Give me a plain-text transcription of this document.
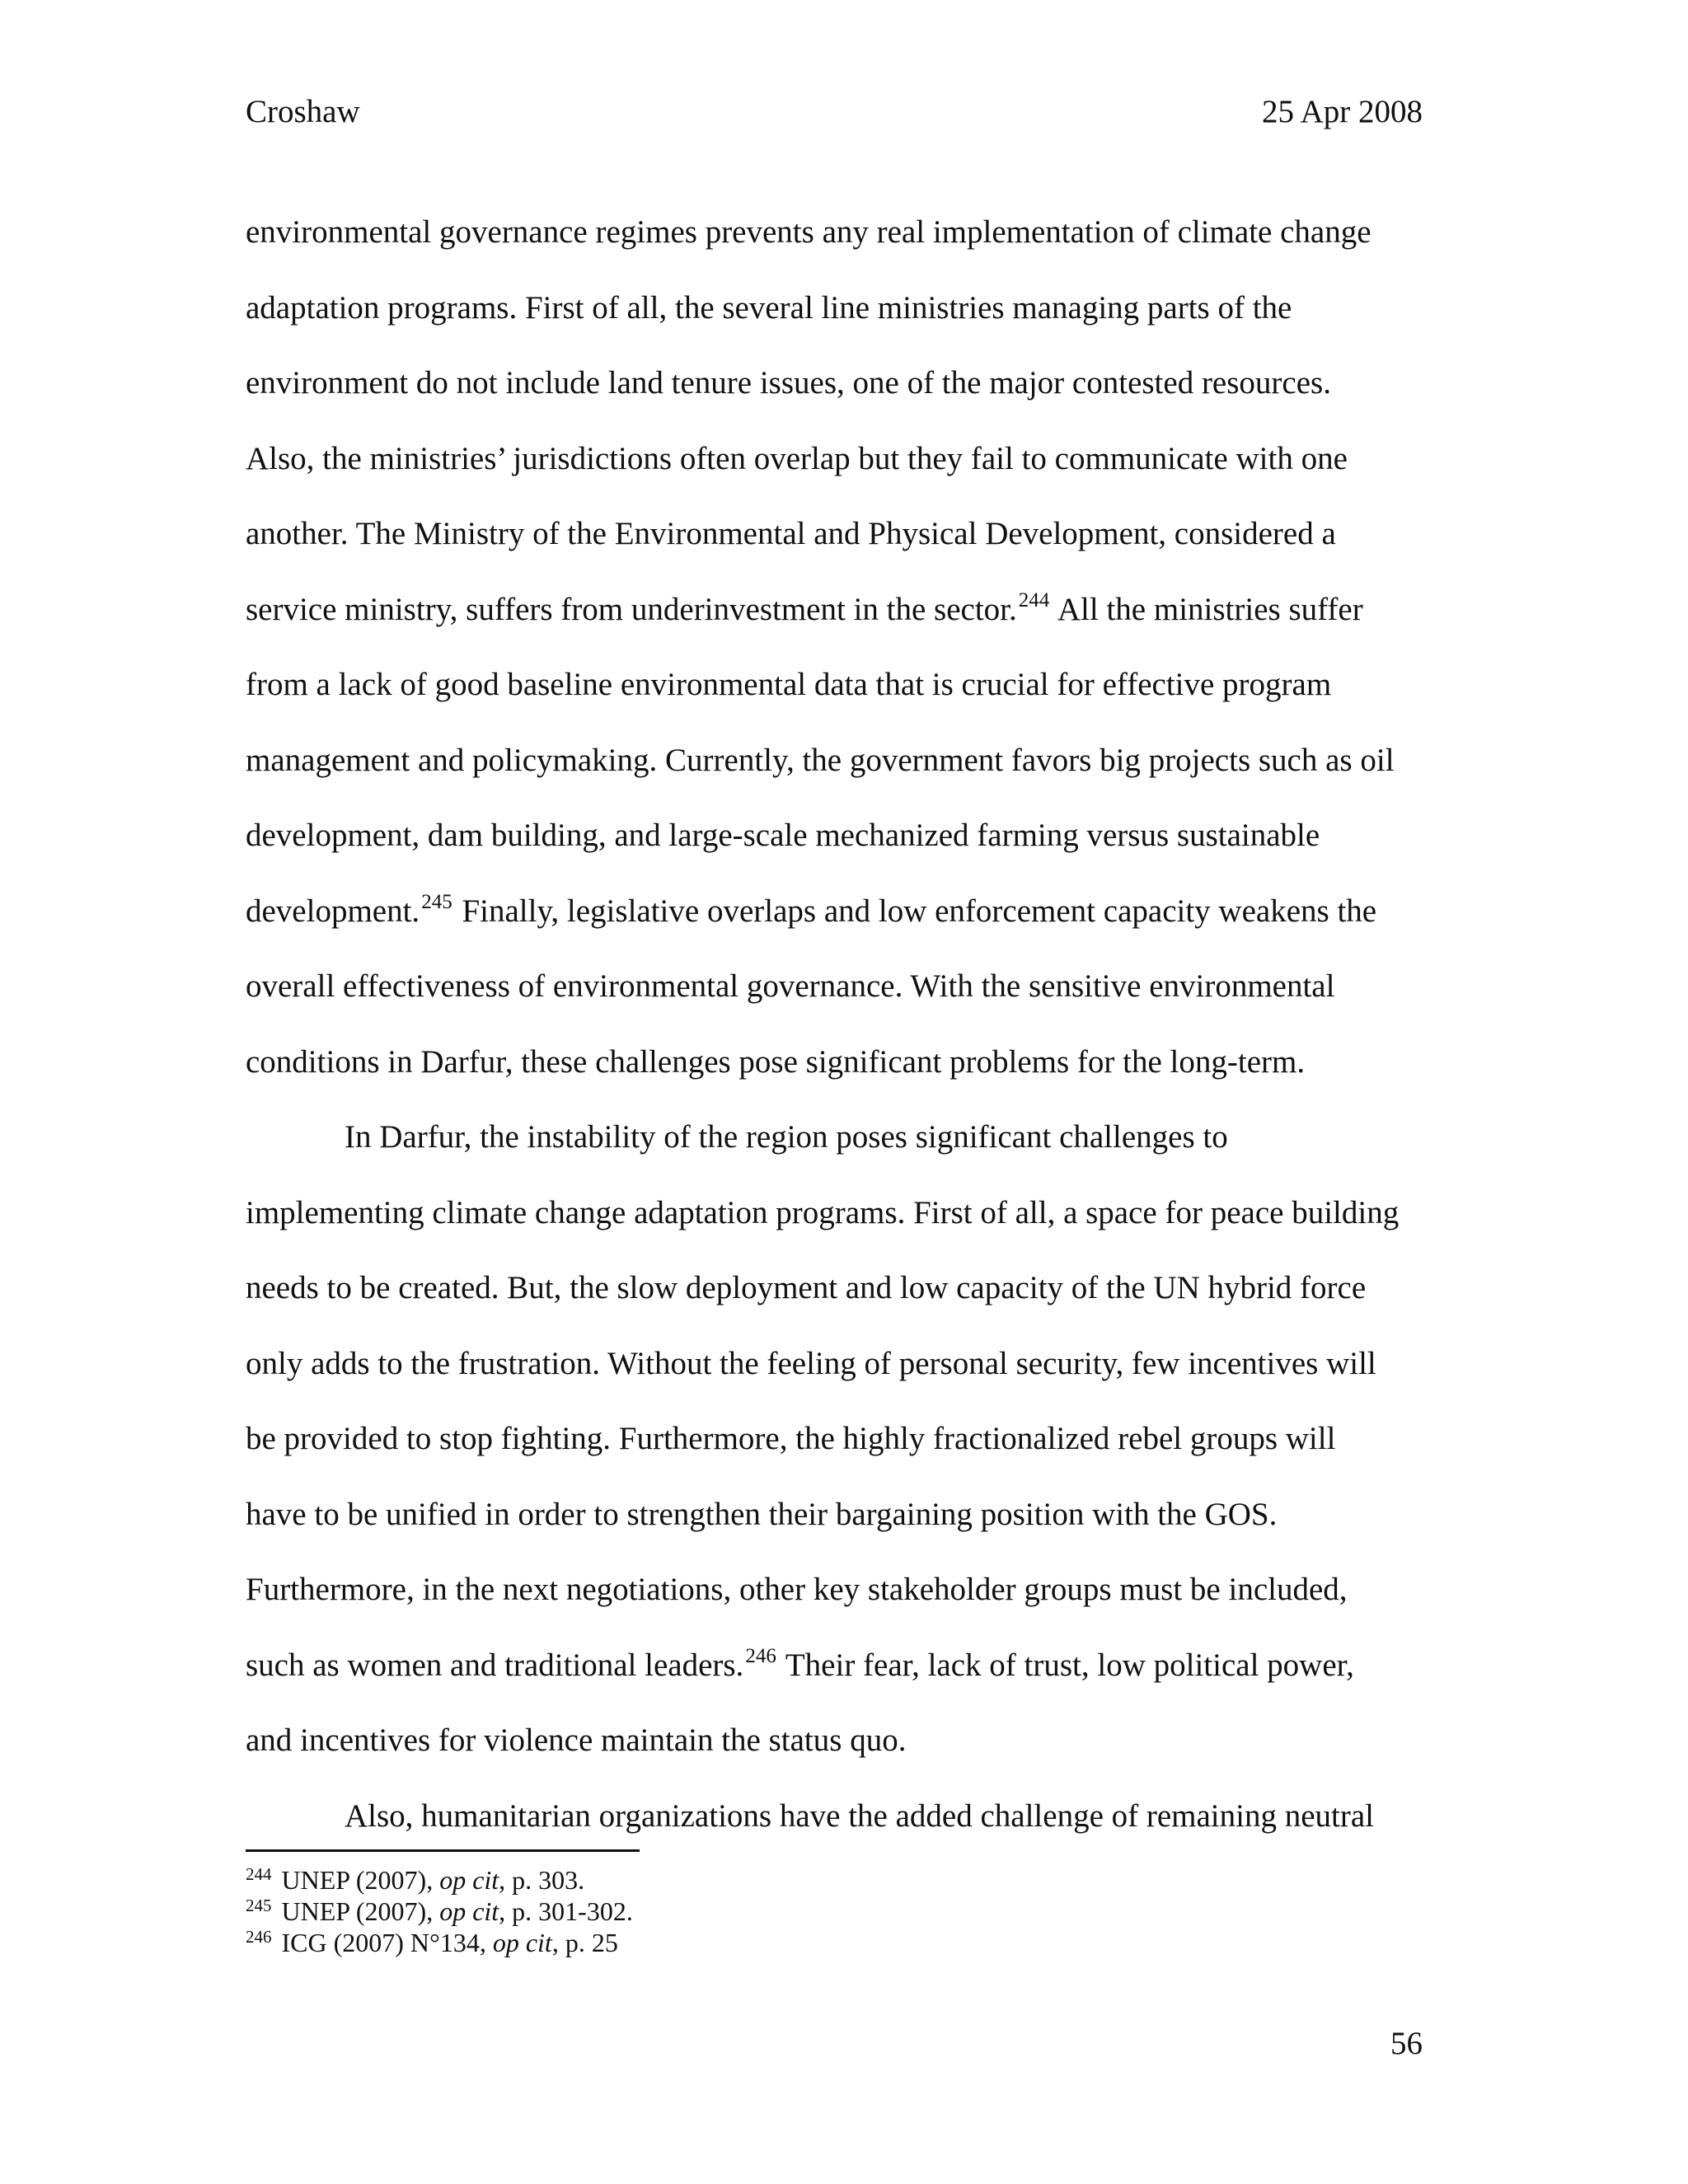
Croshaw	25 Apr 2008
environmental governance regimes prevents any real implementation of climate change
adaptation programs. First of all, the several line ministries managing parts of the
environment do not include land tenure issues, one of the major contested resources.
Also, the ministries’ jurisdictions often overlap but they fail to communicate with one
another. The Ministry of the Environmental and Physical Development, considered a
service ministry, suffers from underinvestment in the sector.$^{244}$ All the ministries suffer
from a lack of good baseline environmental data that is crucial for effective program
management and policymaking. Currently, the government favors big projects such as oil
development, dam building, and large-scale mechanized farming versus sustainable
development.$^{245}$ Finally, legislative overlaps and low enforcement capacity weakens the
overall effectiveness of environmental governance. With the sensitive environmental
conditions in Darfur, these challenges pose significant problems for the long-term.
In Darfur, the instability of the region poses significant challenges to
implementing climate change adaptation programs. First of all, a space for peace building
needs to be created. But, the slow deployment and low capacity of the UN hybrid force
only adds to the frustration. Without the feeling of personal security, few incentives will
be provided to stop fighting. Furthermore, the highly fractionalized rebel groups will
have to be unified in order to strengthen their bargaining position with the GOS.
Furthermore, in the next negotiations, other key stakeholder groups must be included,
such as women and traditional leaders.$^{246}$ Their fear, lack of trust, low political power,
and incentives for violence maintain the status quo.
Also, humanitarian organizations have the added challenge of remaining neutral
$^{244}$ UNEP (2007), op cit, p. 303.
$^{245}$ UNEP (2007), op cit, p. 301-302.
$^{246}$ ICG (2007) N°134, op cit, p. 25
56
